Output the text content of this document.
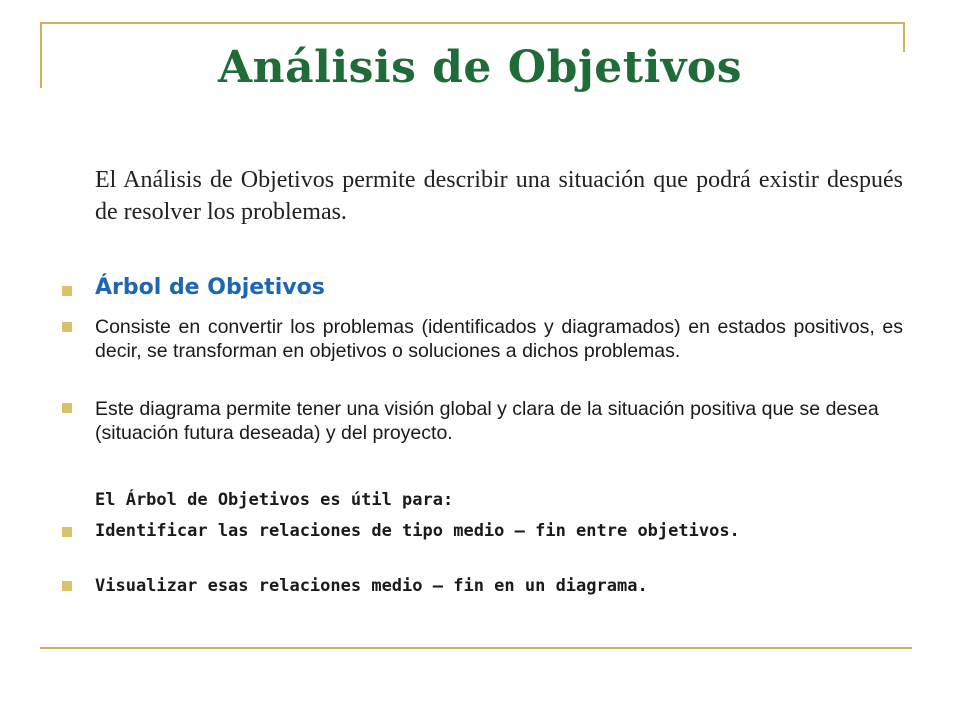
Análisis de Objetivos

El Análisis de Objetivos permite describir una situación que podrá existir después de resolver los problemas.

Árbol de Objetivos

Consiste en convertir los problemas (identificados y diagramados) en estados positivos, es decir, se transforman en objetivos o soluciones a dichos problemas.

Este diagrama permite tener una visión global y clara de la situación positiva que se desea (situación futura deseada) y del proyecto.

El Árbol de Objetivos es útil para:

Identificar las relaciones de tipo medio – fin entre objetivos.

Visualizar esas relaciones medio – fin en un diagrama.
